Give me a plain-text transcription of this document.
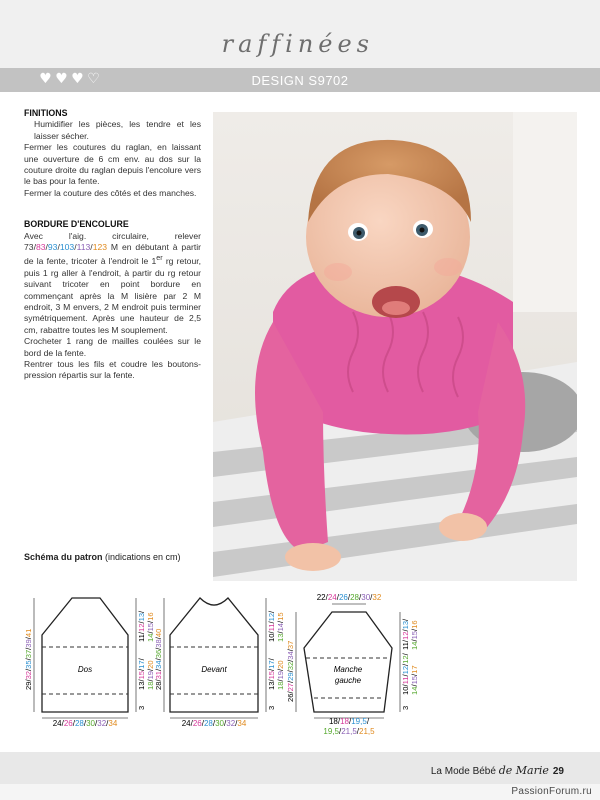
raffinées
♥ ♥ ♥ ♡	DESIGN S9702
FINITIONS

Humidifier les pièces, les tendre et les laisser sécher.

Fermer les coutures du raglan, en laissant une ouverture de 6 cm env. au dos sur la couture droite du raglan depuis l'encolure vers le bas pour la fente.

Fermer la couture des côtés et des manches.

BORDURE D'ENCOLURE

Avec l'aig. circulaire, relever 73/83/93/103/113/123 M en débutant à partir de la fente, tricoter à l'endroit le 1er rg retour, puis 1 rg aller à l'endroit, à partir du rg retour suivant tricoter en point bordure en commençant après la M lisière par 2 M endroit, 3 M envers, 2 M endroit puis terminer symétriquement. Après une hauteur de 2,5 cm, rabattre toutes les M souplement.

Crocheter 1 rang de mailles coulées sur le bord de la fente.

Rentrer tous les fils et coudre les boutons-pression répartis sur la fente.

Schéma du patron (indications en cm)
Dos	Devant	Manche
gauche
24/26/28/30/32/34	24/26/28/30/32/34
22/24/26/28/30/32
18/18/19,5/
19,5/21,5/21,5
29/32/35/37/39/41
3
13/15/17/
18/19/20
11/12/13/
14/15/16
28/31/34/36/38/40
3
13/15/17/
18/19/20
10/11/12/
13/14/15
26/27/29/32/34/37
3
10/11/12/12/
14/15/17
11/12/13/
14/15/16
La Mode Bébé de Marie 29
PassionForum.ru
